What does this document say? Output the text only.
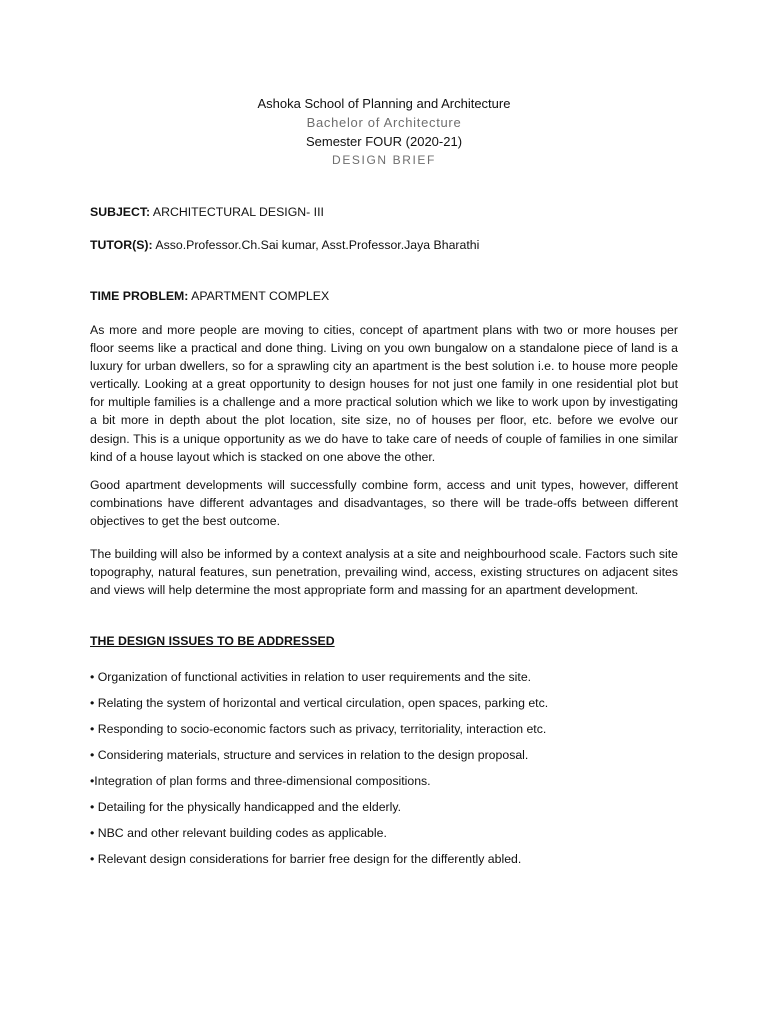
Ashoka School of Planning and Architecture

Bachelor of Architecture

Semester FOUR (2020-21)

DESIGN BRIEF

SUBJECT: ARCHITECTURAL DESIGN- III

TUTOR(S): Asso.Professor.Ch.Sai kumar, Asst.Professor.Jaya Bharathi

TIME PROBLEM: APARTMENT COMPLEX

As more and more people are moving to cities, concept of apartment plans with two or more houses per floor seems like a practical and done thing. Living on you own bungalow on a standalone piece of land is a luxury for urban dwellers, so for a sprawling city an apartment is the best solution i.e. to house more people vertically. Looking at a great opportunity to design houses for not just one family in one residential plot but for multiple families is a challenge and a more practical solution which we like to work upon by investigating a bit more in depth about the plot location, site size, no of houses per floor, etc. before we evolve our design. This is a unique opportunity as we do have to take care of needs of couple of families in one similar kind of a house layout which is stacked on one above the other.

Good apartment developments will successfully combine form, access and unit types, however, different combinations have different advantages and disadvantages, so there will be trade-offs between different objectives to get the best outcome.

The building will also be informed by a context analysis at a site and neighbourhood scale. Factors such site topography, natural features, sun penetration, prevailing wind, access, existing structures on adjacent sites and views will help determine the most appropriate form and massing for an apartment development.

THE DESIGN ISSUES TO BE ADDRESSED

• Organization of functional activities in relation to user requirements and the site.

• Relating the system of horizontal and vertical circulation, open spaces, parking etc.

• Responding to socio-economic factors such as privacy, territoriality, interaction etc.

• Considering materials, structure and services in relation to the design proposal.

•Integration of plan forms and three-dimensional compositions.

• Detailing for the physically handicapped and the elderly.

• NBC and other relevant building codes as applicable.

• Relevant design considerations for barrier free design for the differently abled.
